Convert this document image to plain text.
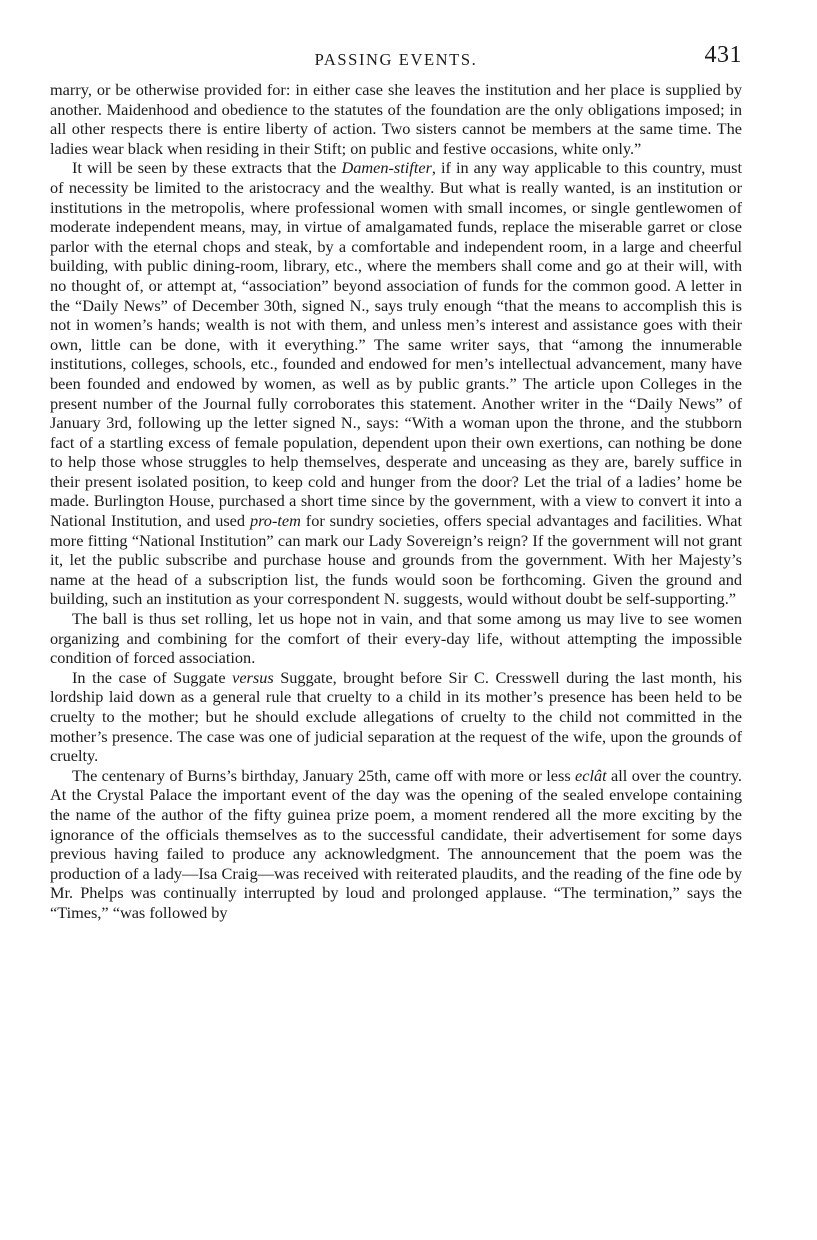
PASSING EVENTS.	431

marry, or be otherwise provided for: in either case she leaves the institution and her place is supplied by another. Maidenhood and obedience to the statutes of the foundation are the only obligations imposed; in all other respects there is entire liberty of action. Two sisters cannot be members at the same time. The ladies wear black when residing in their Stift; on public and festive occasions, white only.”

It will be seen by these extracts that the Damen-stifter, if in any way applicable to this country, must of necessity be limited to the aristocracy and the wealthy. But what is really wanted, is an institution or institutions in the metropolis, where professional women with small incomes, or single gentlewomen of moderate independent means, may, in virtue of amalgamated funds, replace the miserable garret or close parlor with the eternal chops and steak, by a comfortable and independent room, in a large and cheerful building, with public dining-room, library, etc., where the members shall come and go at their will, with no thought of, or attempt at, “association” beyond association of funds for the common good. A letter in the “Daily News” of December 30th, signed N., says truly enough “that the means to accomplish this is not in women’s hands; wealth is not with them, and unless men’s interest and assistance goes with their own, little can be done, with it everything.” The same writer says, that “among the innumerable institutions, colleges, schools, etc., founded and endowed for men’s intellectual advancement, many have been founded and endowed by women, as well as by public grants.” The article upon Colleges in the present number of the Journal fully corroborates this statement. Another writer in the “Daily News” of January 3rd, following up the letter signed N., says: “With a woman upon the throne, and the stubborn fact of a startling excess of female population, dependent upon their own exertions, can nothing be done to help those whose struggles to help themselves, desperate and unceasing as they are, barely suffice in their present isolated position, to keep cold and hunger from the door? Let the trial of a ladies’ home be made. Burlington House, purchased a short time since by the government, with a view to convert it into a National Institution, and used pro-tem for sundry societies, offers special advantages and facilities. What more fitting “National Institution” can mark our Lady Sovereign’s reign? If the government will not grant it, let the public subscribe and purchase house and grounds from the government. With her Majesty’s name at the head of a subscription list, the funds would soon be forthcoming. Given the ground and building, such an institution as your correspondent N. suggests, would without doubt be self-supporting.”

The ball is thus set rolling, let us hope not in vain, and that some among us may live to see women organizing and combining for the comfort of their every-day life, without attempting the impossible condition of forced association.

In the case of Suggate versus Suggate, brought before Sir C. Cresswell during the last month, his lordship laid down as a general rule that cruelty to a child in its mother’s presence has been held to be cruelty to the mother; but he should exclude allegations of cruelty to the child not committed in the mother’s presence. The case was one of judicial separation at the request of the wife, upon the grounds of cruelty.

The centenary of Burns’s birthday, January 25th, came off with more or less eclât all over the country. At the Crystal Palace the important event of the day was the opening of the sealed envelope containing the name of the author of the fifty guinea prize poem, a moment rendered all the more exciting by the ignorance of the officials themselves as to the successful candidate, their advertisement for some days previous having failed to produce any acknowledgment. The announcement that the poem was the production of a lady—Isa Craig—was received with reiterated plaudits, and the reading of the fine ode by Mr. Phelps was continually interrupted by loud and prolonged applause. “The termination,” says the “Times,” “was followed by
